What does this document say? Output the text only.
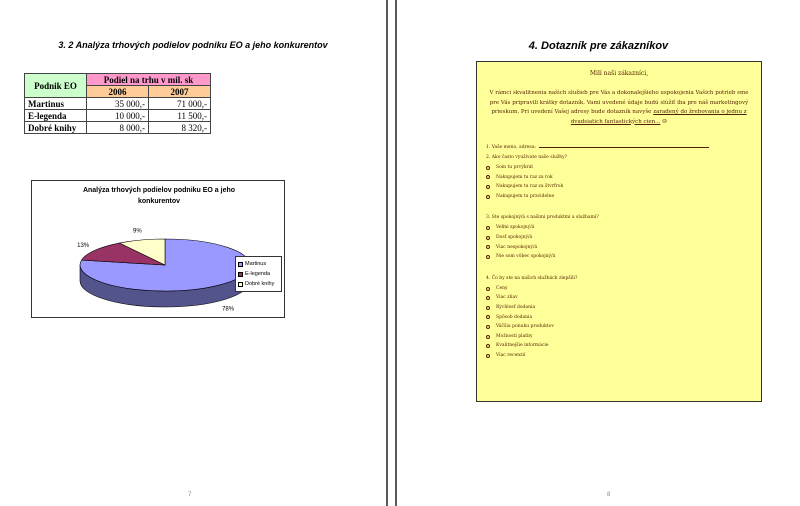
3. 2 Analýza trhových podielov podniku EO a jeho konkurentov
Podnik EO	Podiel na trhu v mil. sk	
	2006	2007
Martinus	35 000,-	71 000,-
E-legenda	10 000,-	11 500,-
Dobré knihy	8 000,-	8 320,-
78%
13%
9%
Analýza trhových podielov podniku EO a jeho konkurentov
Martinus
E-legenda
Dobré knihy
7
4. Dotazník pre zákazníkov
Milí naši zákazníci,
V rámci skvalitnenia našich služieb pre Vás a dokonalejšieho uspokojenia Vašich potrieb sme pre Vás pripravili krátky dotazník. Vami uvedené údaje budú slúžiť iba pre náš marketingový prieskum. Pri uvedení Vašej adresy bude dotazník navyše zaradený do žrebovania o jednu z dvadsiatich fantastických cien... ☺
1. Vaše meno, adresa:
2. Ako často využívate naše služby?
Som tu prvýkrát
Nakupujem tu raz za rok
Nakupujem tu raz za štvrťrok
Nakupujem tu pravidelne
3. Ste spokojný/á s našimi produktmi a službami?
Veľmi spokojný/á
Dosť spokojný/á
Viac nespokojný/á
Nie som vôbec spokojný/á
4. Čo by ste na našich službách zlepšili?
Ceny
Viac zliav
Rýchlosť dodania
Spôsob dodania
Väčšiu ponuku produktov
Možnosti platby
Kvalitnejšie informácie
Viac recenzií
8
